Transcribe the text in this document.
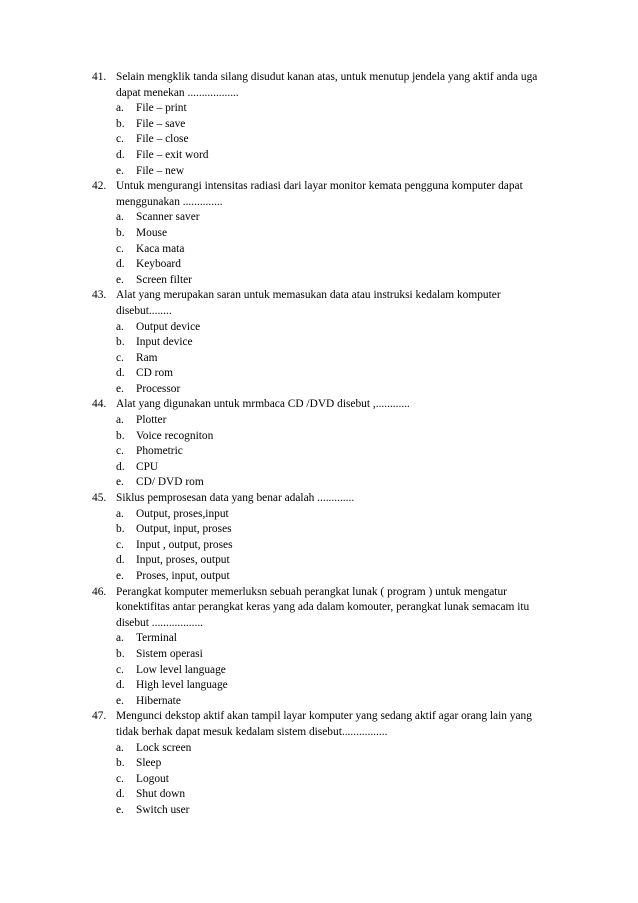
41. Selain mengklik tanda silang disudut kanan atas, untuk menutup jendela yang aktif anda uga
dapat menekan ..................
a. File – print
b. File – save
c. File – close
d. File – exit word
e. File – new
42. Untuk mengurangi intensitas radiasi dari layar monitor kemata pengguna komputer dapat
menggunakan ..............
a. Scanner saver
b. Mouse
c. Kaca mata
d. Keyboard
e. Screen filter
43. Alat yang merupakan saran untuk memasukan data atau instruksi kedalam komputer
disebut........
a. Output device
b. Input device
c. Ram
d. CD rom
e. Processor
44. Alat yang digunakan untuk mrmbaca CD /DVD disebut ,............
a. Plotter
b. Voice recogniton
c. Phometric
d. CPU
e. CD/ DVD rom
45. Siklus pemprosesan data yang benar adalah .............
a. Output, proses,input
b. Output, input, proses
c. Input , output, proses
d. Input, proses, output
e. Proses, input, output
46. Perangkat komputer memerluksn sebuah perangkat lunak ( program ) untuk mengatur
konektifitas antar perangkat keras yang ada dalam komouter, perangkat lunak semacam itu
disebut ..................
a. Terminal
b. Sistem operasi
c. Low level language
d. High level language
e. Hibernate
47. Mengunci dekstop aktif akan tampil layar komputer yang sedang aktif agar orang lain yang
tidak berhak dapat mesuk kedalam sistem disebut................
a. Lock screen
b. Sleep
c. Logout
d. Shut down
e. Switch user
